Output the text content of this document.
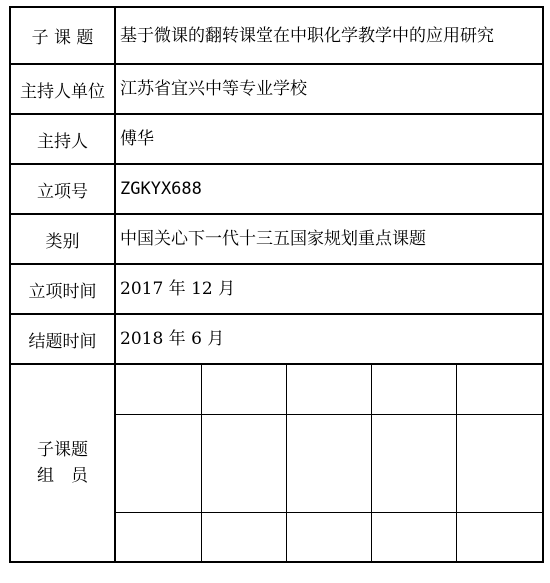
子 课 题	基于微课的翻转课堂在中职化学教学中的应用研究
主持人单位	江苏省宜兴中等专业学校
主持人	傅华
立项号	ZGKYX688
类别	中国关心下一代十三五国家规划重点课题
立项时间	2017 年 12 月
结题时间	2018 年 6 月

子课题
组　员
